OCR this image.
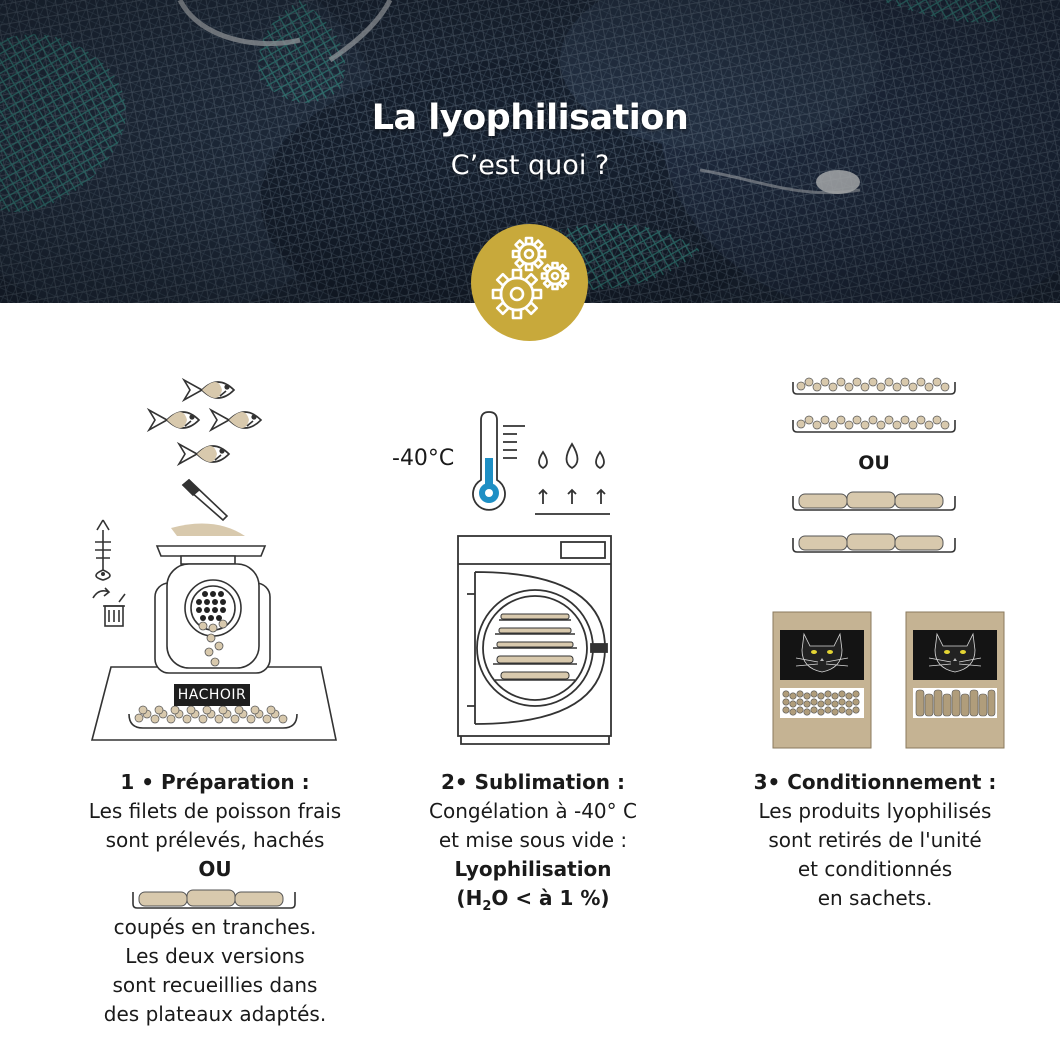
La lyophilisation
C’est quoi ?
HACHOIR
-40°C	OU
1 • Préparation :
Les filets de poisson frais
sont prélevés, hachés
OU
coupés en tranches.
Les deux versions
sont recueillies dans
des plateaux adaptés.
2• Sublimation :
Congélation à -40° C
et mise sous vide :
Lyophilisation
($H_2O$ < à 1 %)
3• Conditionnement :
Les produits lyophilisés
sont retirés de l'unité
et conditionnés
en sachets.
